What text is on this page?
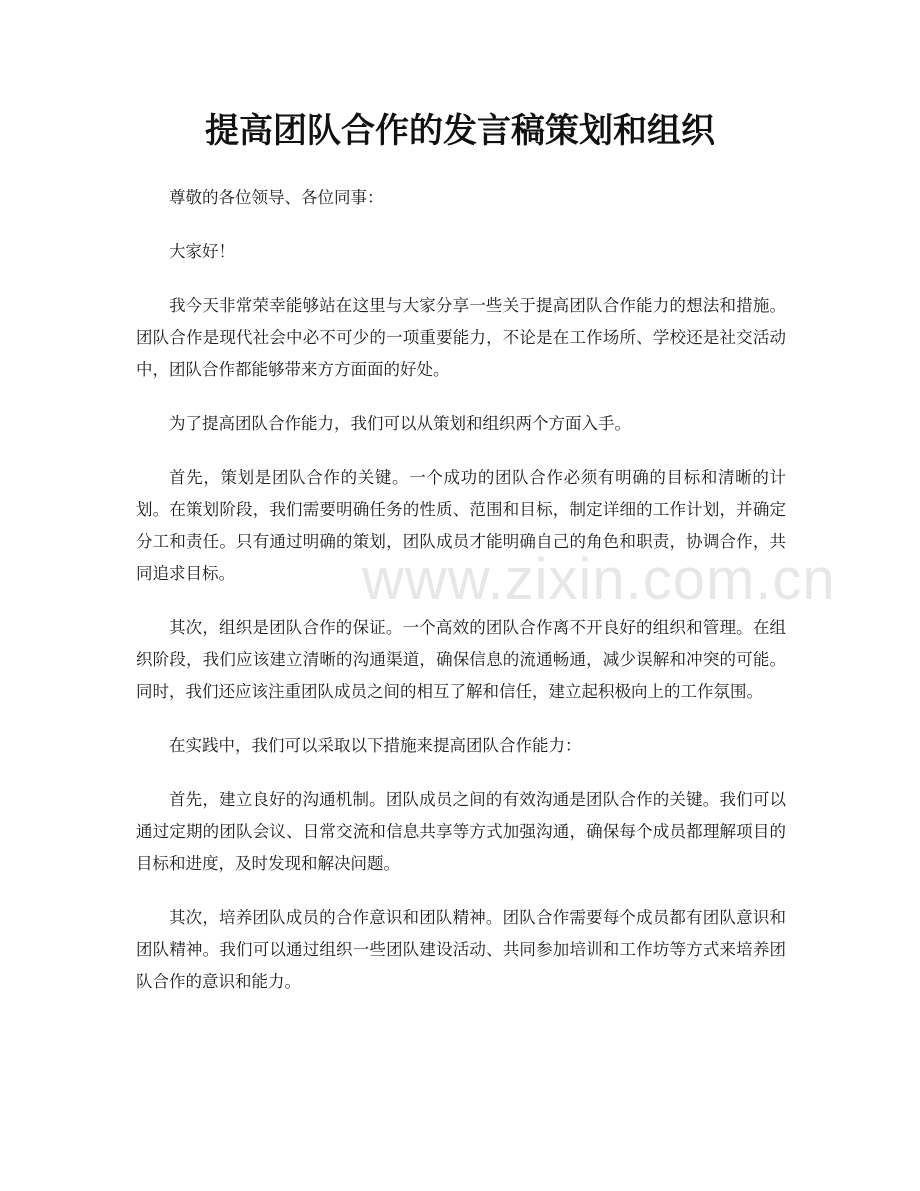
提高团队合作的发言稿策划和组织

尊敬的各位领导、各位同事：

大家好！

我今天非常荣幸能够站在这里与大家分享一些关于提高团队合作能力的想法和措施。团队合作是现代社会中必不可少的一项重要能力，不论是在工作场所、学校还是社交活动中，团队合作都能够带来方方面面的好处。

为了提高团队合作能力，我们可以从策划和组织两个方面入手。

首先，策划是团队合作的关键。一个成功的团队合作必须有明确的目标和清晰的计划。在策划阶段，我们需要明确任务的性质、范围和目标，制定详细的工作计划，并确定分工和责任。只有通过明确的策划，团队成员才能明确自己的角色和职责，协调合作，共同追求目标。

其次，组织是团队合作的保证。一个高效的团队合作离不开良好的组织和管理。在组织阶段，我们应该建立清晰的沟通渠道，确保信息的流通畅通，减少误解和冲突的可能。同时，我们还应该注重团队成员之间的相互了解和信任，建立起积极向上的工作氛围。

在实践中，我们可以采取以下措施来提高团队合作能力：

首先，建立良好的沟通机制。团队成员之间的有效沟通是团队合作的关键。我们可以通过定期的团队会议、日常交流和信息共享等方式加强沟通，确保每个成员都理解项目的目标和进度，及时发现和解决问题。

其次，培养团队成员的合作意识和团队精神。团队合作需要每个成员都有团队意识和团队精神。我们可以通过组织一些团队建设活动、共同参加培训和工作坊等方式来培养团队合作的意识和能力。

www.zixin.com.cn
